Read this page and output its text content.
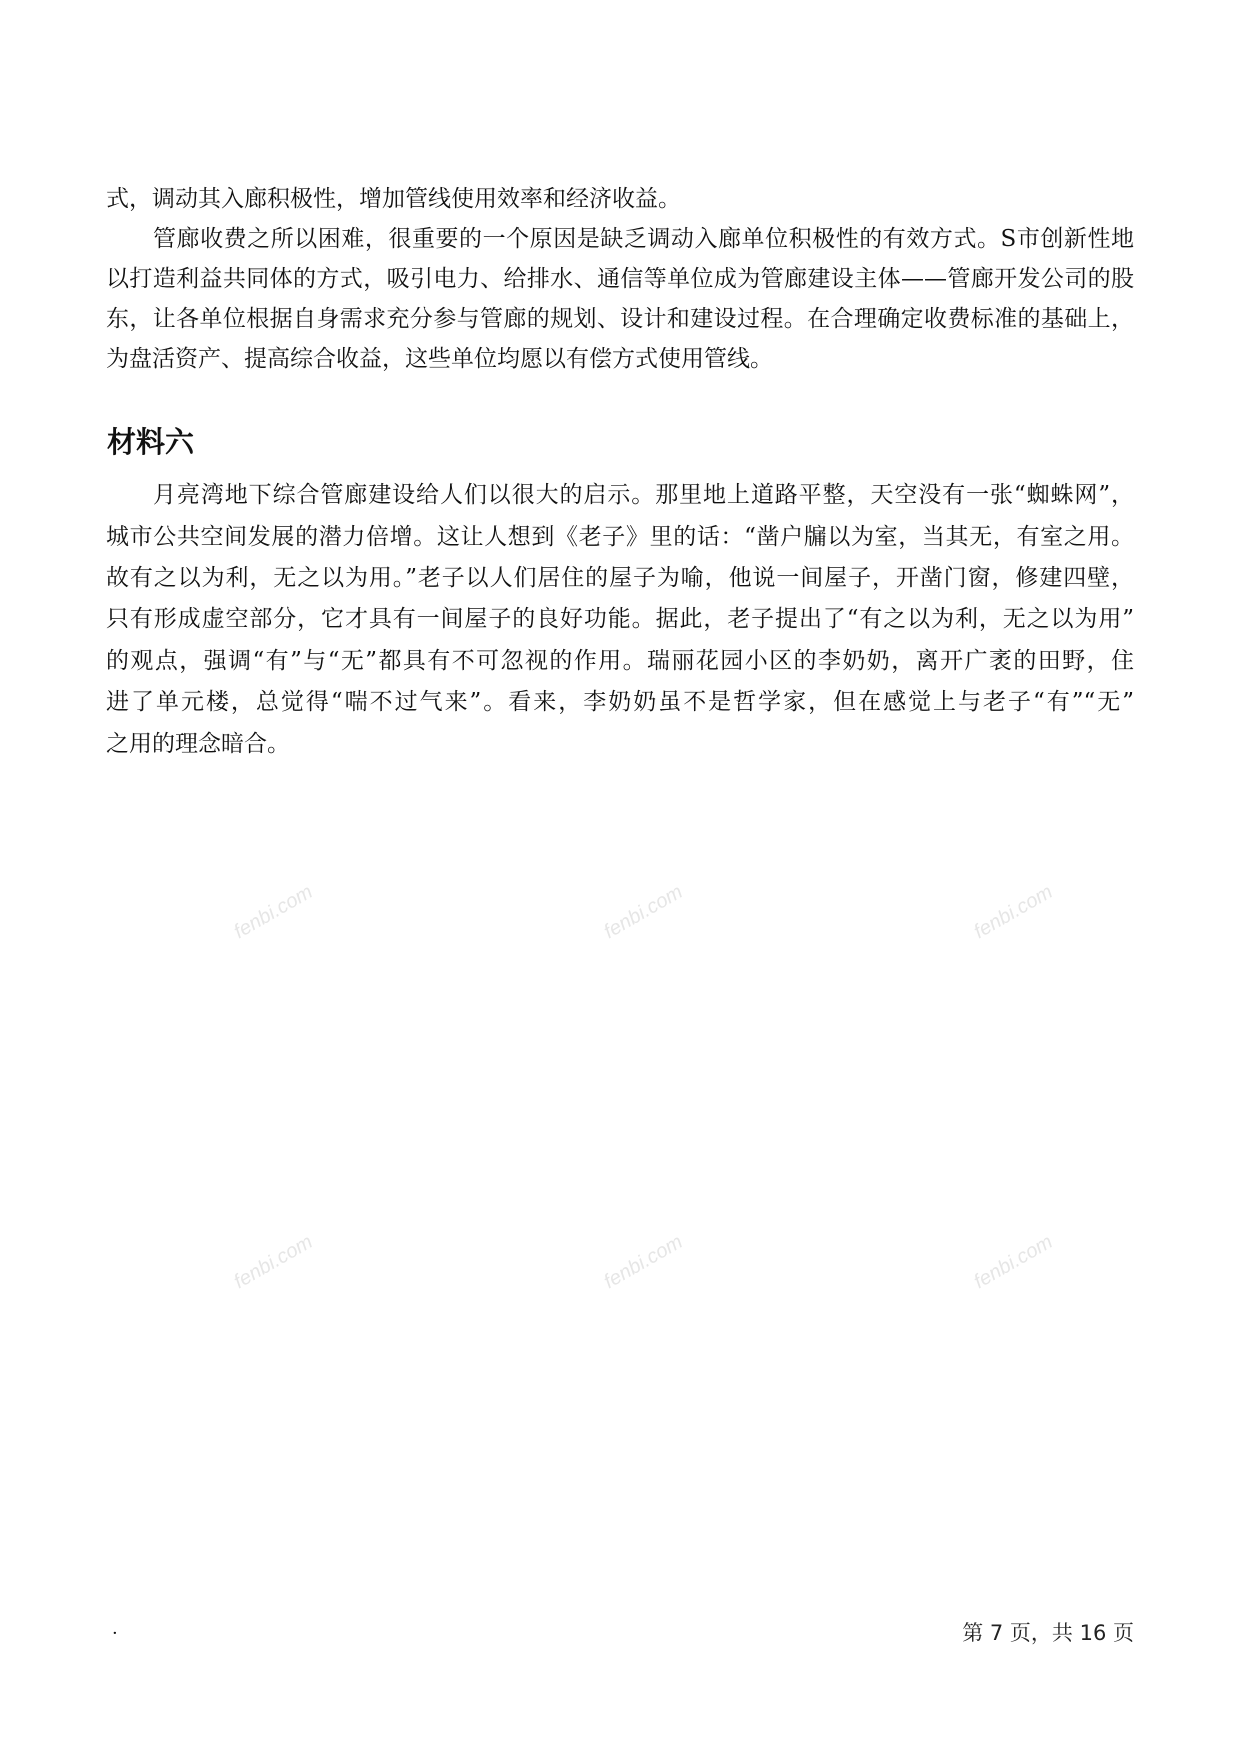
fenbi.com	fenbi.com	fenbi.com
fenbi.com	fenbi.com	fenbi.com
式，调动其入廊积极性，增加管线使用效率和经济收益。
管廊收费之所以困难，很重要的一个原因是缺乏调动入廊单位积极性的有效方式。S市创新性地
以打造利益共同体的方式，吸引电力、给排水、通信等单位成为管廊建设主体——管廊开发公司的股
东，让各单位根据自身需求充分参与管廊的规划、设计和建设过程。在合理确定收费标准的基础上，
为盘活资产、提高综合收益，这些单位均愿以有偿方式使用管线。
材料六
月亮湾地下综合管廊建设给人们以很大的启示。那里地上道路平整，天空没有一张“蜘蛛网”，
城市公共空间发展的潜力倍增。这让人想到《老子》里的话：“凿户牖以为室，当其无，有室之用。
故有之以为利，无之以为用。”老子以人们居住的屋子为喻，他说一间屋子，开凿门窗，修建四壁，
只有形成虚空部分，它才具有一间屋子的良好功能。据此，老子提出了“有之以为利，无之以为用”
的观点，强调“有”与“无”都具有不可忽视的作用。瑞丽花园小区的李奶奶，离开广袤的田野，住
进了单元楼，总觉得“喘不过气来”。看来，李奶奶虽不是哲学家，但在感觉上与老子“有”“无”
之用的理念暗合。
·	第 7 页，共 16 页
